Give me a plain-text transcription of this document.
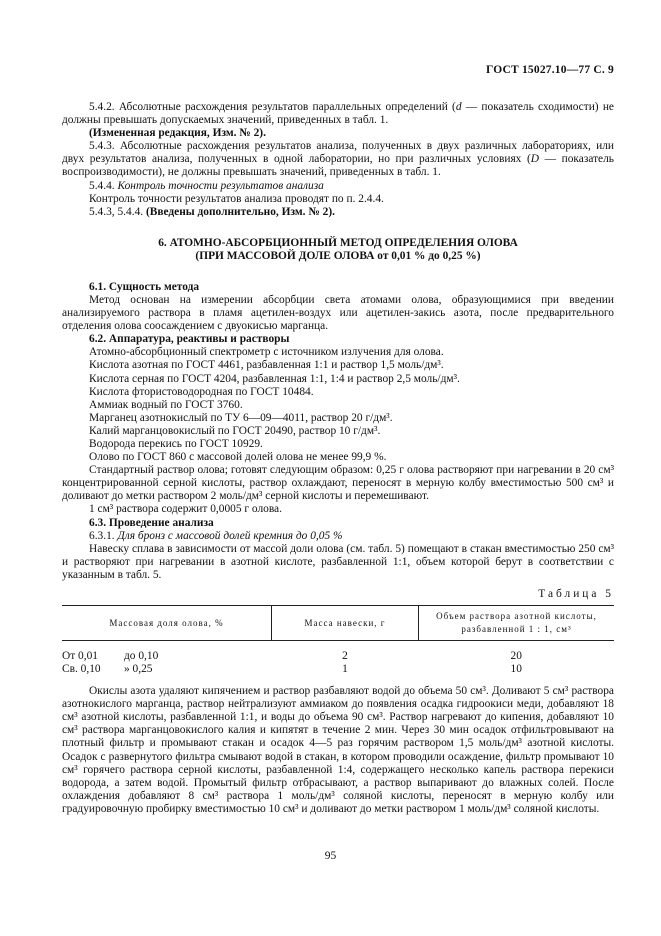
ГОСТ 15027.10—77 С. 9

5.4.2. Абсолютные расхождения результатов параллельных определений (d — показатель сходимости) не должны превышать допускаемых значений, приведенных в табл. 1.

(Измененная редакция, Изм. № 2).

5.4.3. Абсолютные расхождения результатов анализа, полученных в двух различных лабораториях, или двух результатов анализа, полученных в одной лаборатории, но при различных условиях (D — показатель воспроизводимости), не должны превышать значений, приведенных в табл. 1.

5.4.4. Контроль точности результатов анализа

Контроль точности результатов анализа проводят по п. 2.4.4.

5.4.3, 5.4.4. (Введены дополнительно, Изм. № 2).

6. АТОМНО-АБСОРБЦИОННЫЙ МЕТОД ОПРЕДЕЛЕНИЯ ОЛОВА
(ПРИ МАССОВОЙ ДОЛЕ ОЛОВА от 0,01 % до 0,25 %)

6.1. Сущность метода

Метод основан на измерении абсорбции света атомами олова, образующимися при введении анализируемого раствора в пламя ацетилен-воздух или ацетилен-закись азота, после предварительного отделения олова соосаждением с двуокисью марганца.

6.2. Аппаратура, реактивы и растворы

Атомно-абсорбционный спектрометр с источником излучения для олова.

Кислота азотная по ГОСТ 4461, разбавленная 1:1 и раствор 1,5 моль/дм³.

Кислота серная по ГОСТ 4204, разбавленная 1:1, 1:4 и раствор 2,5 моль/дм³.

Кислота фтористоводородная по ГОСТ 10484.

Аммиак водный по ГОСТ 3760.

Марганец азотнокислый по ТУ 6—09—4011, раствор 20 г/дм³.

Калий марганцовокислый по ГОСТ 20490, раствор 10 г/дм³.

Водорода перекись по ГОСТ 10929.

Олово по ГОСТ 860 с массовой долей олова не менее 99,9 %.

Стандартный раствор олова; готовят следующим образом: 0,25 г олова растворяют при нагревании в 20 см³ концентрированной серной кислоты, раствор охлаждают, переносят в мерную колбу вместимостью 500 см³ и доливают до метки раствором 2 моль/дм³ серной кислоты и перемешивают.

1 см³ раствора содержит 0,0005 г олова.

6.3. Проведение анализа

6.3.1. Для бронз с массовой долей кремния до 0,05 %

Навеску сплава в зависимости от массой доли олова (см. табл. 5) помещают в стакан вместимостью 250 см³ и растворяют при нагревании в азотной кислоте, разбавленной 1:1, объем которой берут в соответствии с указанным в табл. 5.

Таблица 5
Массовая доля олова, %	Масса навески, г	Объем раствора азотной кислоты, разбавленной 1 : 1, см³
От 0,01 до 0,10	2	20
Св. 0,10 » 0,25	1	10

Окислы азота удаляют кипячением и раствор разбавляют водой до объема 50 см³. Доливают 5 см³ раствора азотнокислого марганца, раствор нейтрализуют аммиаком до появления осадка гидроокиси меди, добавляют 18 см³ азотной кислоты, разбавленной 1:1, и воды до объема 90 см³. Раствор нагревают до кипения, добавляют 10 см³ раствора марганцовокислого калия и кипятят в течение 2 мин. Через 30 мин осадок отфильтровывают на плотный фильтр и промывают стакан и осадок 4—5 раз горячим раствором 1,5 моль/дм³ азотной кислоты. Осадок с развернутого фильтра смывают водой в стакан, в котором проводили осаждение, фильтр промывают 10 см³ горячего раствора серной кислоты, разбавленной 1:4, содержащего несколько капель раствора перекиси водорода, а затем водой. Промытый фильтр отбрасывают, а раствор выпаривают до влажных солей. После охлаждения добавляют 8 см³ раствора 1 моль/дм³ соляной кислоты, переносят в мерную колбу или градуировочную пробирку вместимостью 10 см³ и доливают до метки раствором 1 моль/дм³ соляной кислоты.

95
